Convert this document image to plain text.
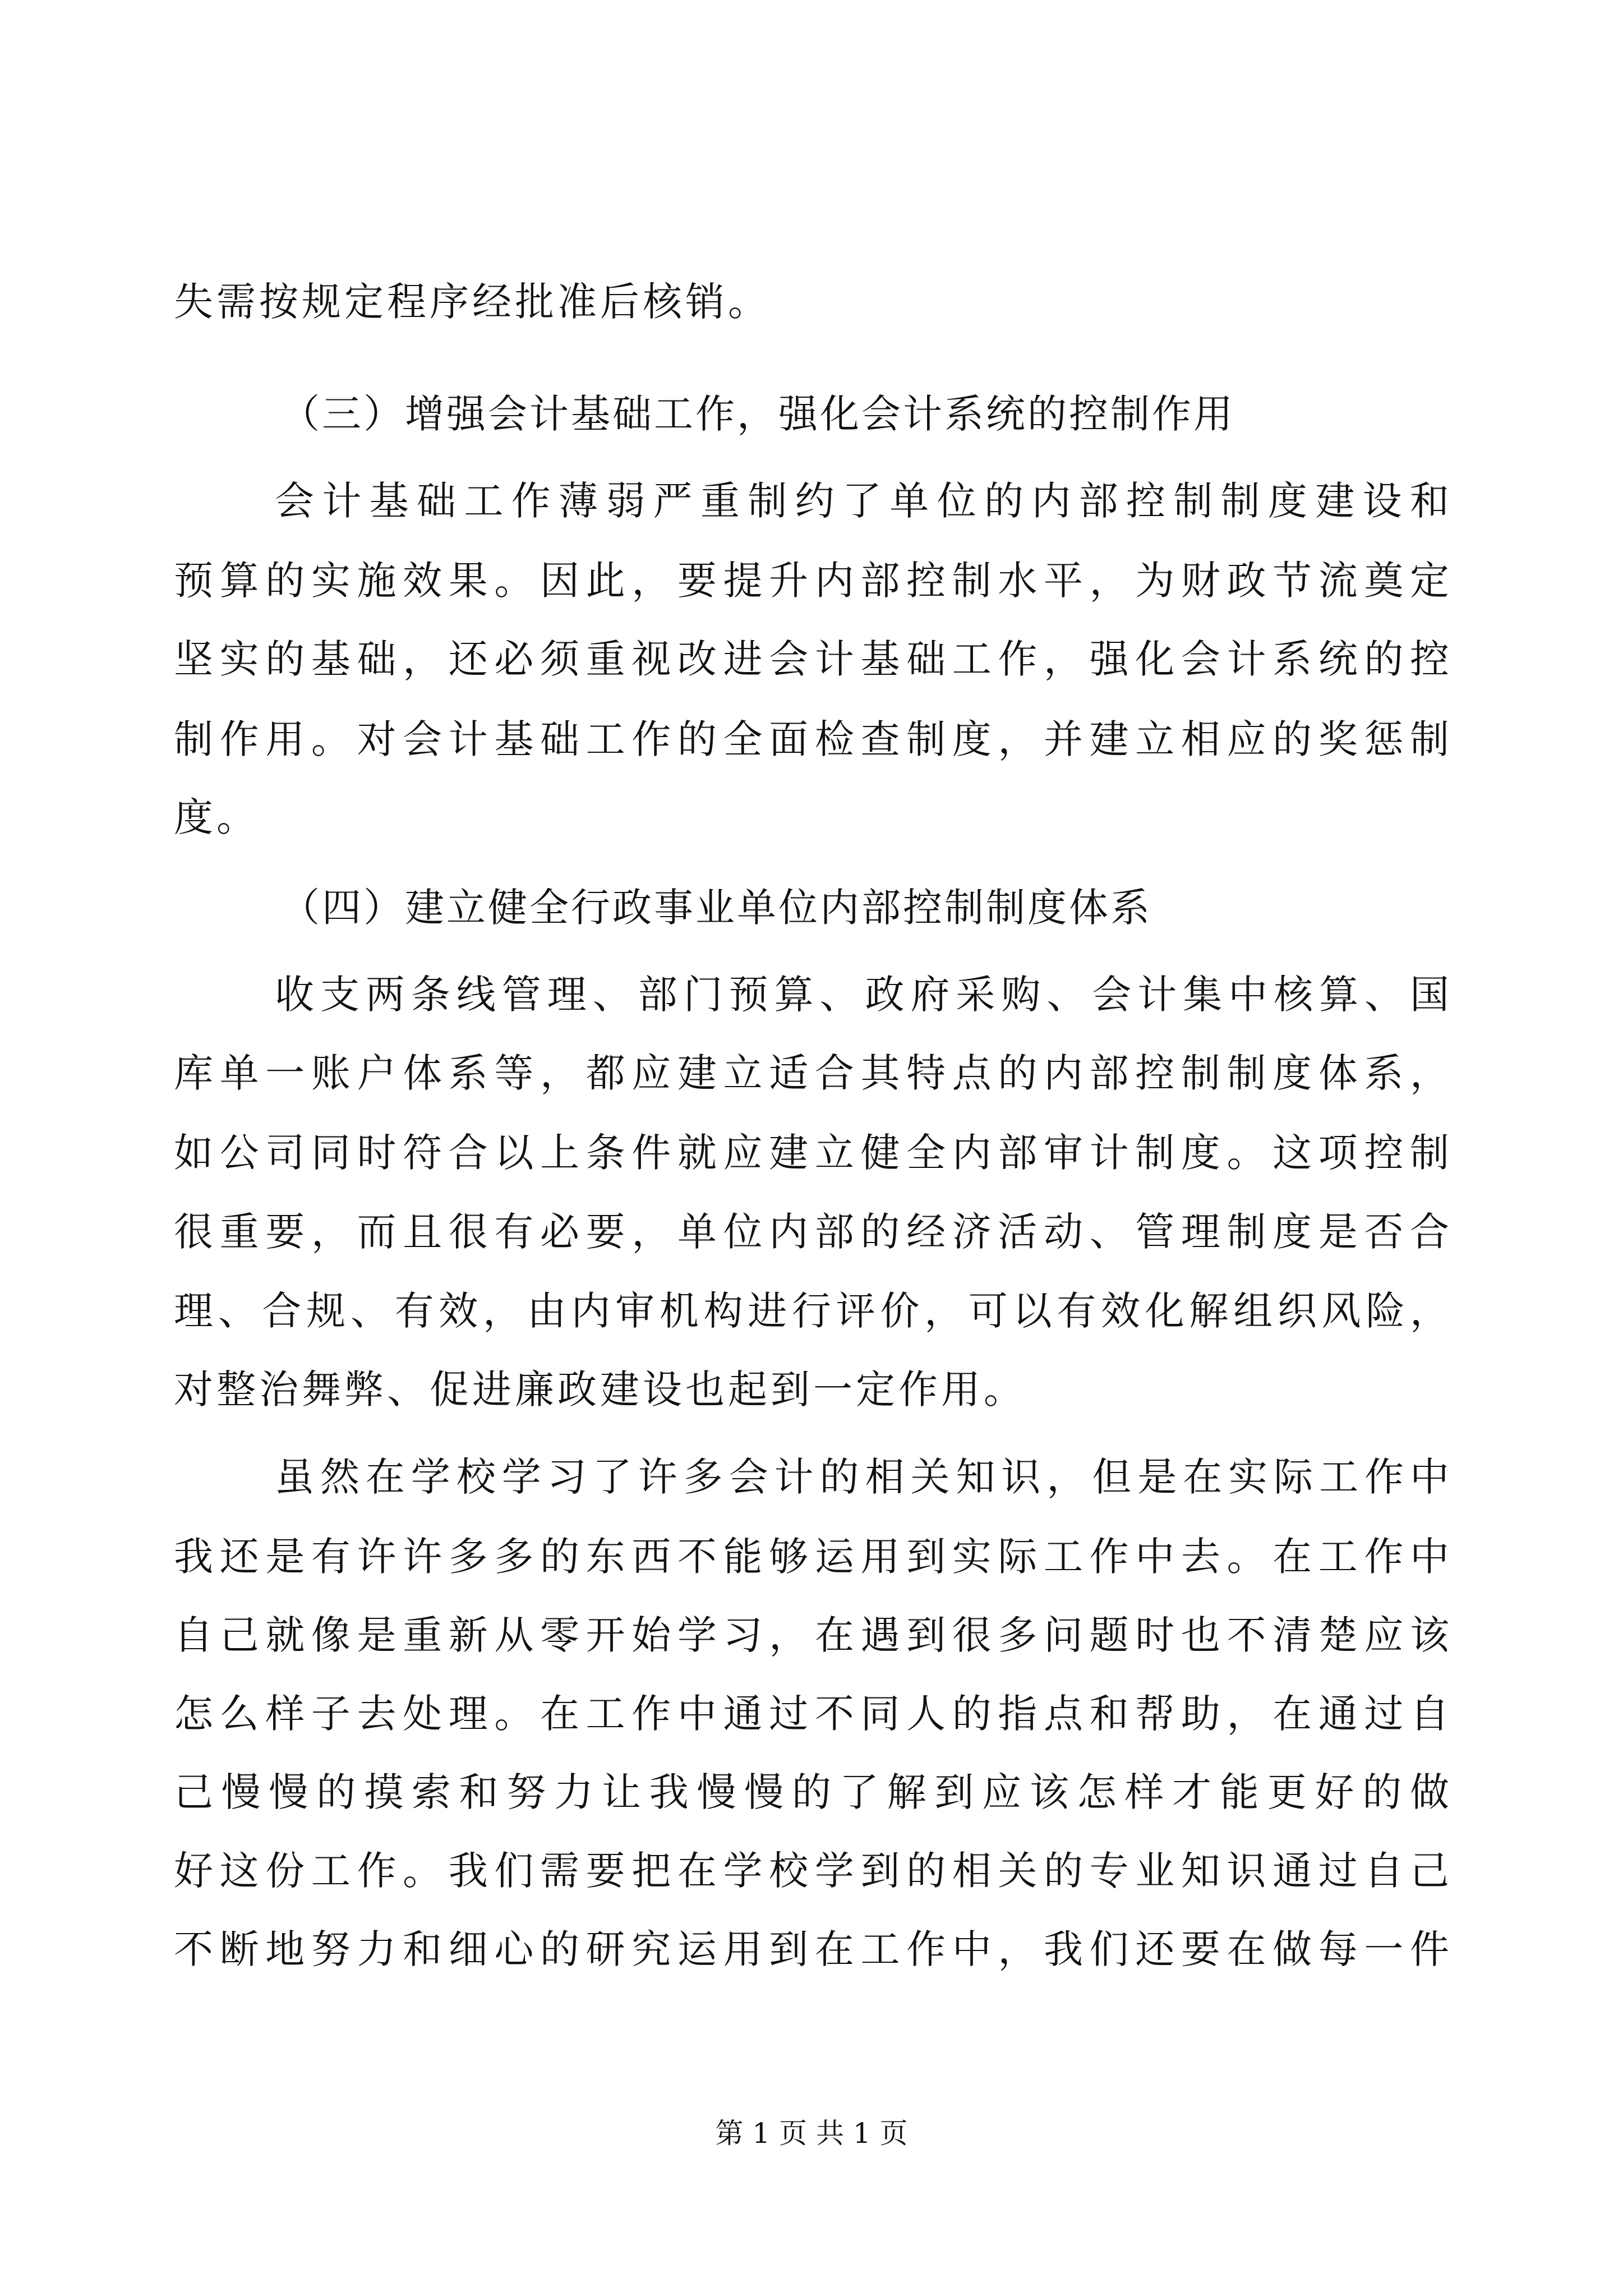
失需按规定程序经批准后核销。
（三）增强会计基础工作，强化会计系统的控制作用
会计基础工作薄弱严重制约了单位的内部控制制度建设和
预算的实施效果。因此，要提升内部控制水平，为财政节流奠定
坚实的基础，还必须重视改进会计基础工作，强化会计系统的控
制作用。对会计基础工作的全面检查制度，并建立相应的奖惩制
度。
（四）建立健全行政事业单位内部控制制度体系
收支两条线管理、部门预算、政府采购、会计集中核算、国
库单一账户体系等，都应建立适合其特点的内部控制制度体系，
如公司同时符合以上条件就应建立健全内部审计制度。这项控制
很重要，而且很有必要，单位内部的经济活动、管理制度是否合
理、合规、有效，由内审机构进行评价，可以有效化解组织风险，
对整治舞弊、促进廉政建设也起到一定作用。
虽然在学校学习了许多会计的相关知识，但是在实际工作中
我还是有许许多多的东西不能够运用到实际工作中去。在工作中
自己就像是重新从零开始学习，在遇到很多问题时也不清楚应该
怎么样子去处理。在工作中通过不同人的指点和帮助，在通过自
己慢慢的摸索和努力让我慢慢的了解到应该怎样才能更好的做
好这份工作。我们需要把在学校学到的相关的专业知识通过自己
不断地努力和细心的研究运用到在工作中，我们还要在做每一件
第 1 页 共 1 页
